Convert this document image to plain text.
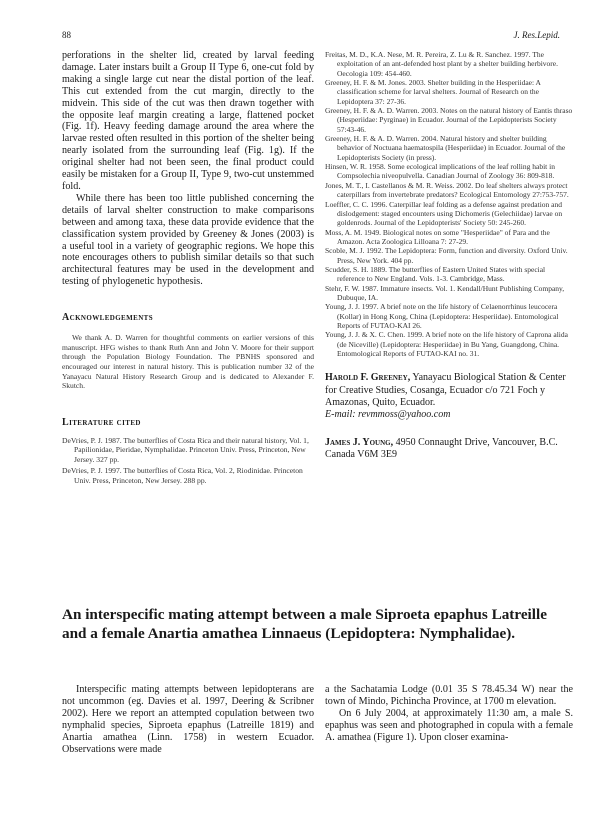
88	J. Res.Lepid.

perforations in the shelter lid, created by larval feeding damage. Later instars built a Group II Type 6, one-cut fold by making a single large cut near the distal portion of the leaf. This cut extended from the cut margin, directly to the midvein. This side of the cut was then drawn together with the opposite leaf margin creating a large, flattened pocket (Fig. 1f). Heavy feeding damage around the area where the larvae rested often resulted in this portion of the shelter being nearly isolated from the surrounding leaf (Fig. 1g). If the original shelter had not been seen, the final product could easily be mistaken for a Group II, Type 9, two-cut unstemmed fold.

While there has been too little published concerning the details of larval shelter construction to make comparisons between and among taxa, these data provide evidence that the classification system provided by Greeney & Jones (2003) is a useful tool in a variety of geographic regions. We hope this note encourages others to publish similar details so that such architectural features may be used in the development and testing of phylogenetic hypothesis.

Acknowledgements

We thank A. D. Warren for thoughtful comments on earlier versions of this manuscript. HFG wishes to thank Ruth Ann and John V. Moore for their support through the Population Biology Foundation. The PBNHS sponsored and encouraged our interest in natural history. This is publication number 32 of the Yanayacu Natural History Research Group and is dedicated to Alexander F. Skutch.

Literature cited
DeVries, P. J. 1987. The butterflies of Costa Rica and their natural history, Vol. 1, Papilionidae, Pieridae, Nymphalidae. Princeton Univ. Press, Princeton, New Jersey. 327 pp.
DeVries, P. J. 1997. The butterflies of Costa Rica, Vol. 2, Riodinidae. Princeton Univ. Press, Princeton, New Jersey. 288 pp.
Freitas, M. D., K.A. Nese, M. R. Pereira, Z. Lu & R. Sanchez. 1997. The exploitation of an ant-defended host plant by a shelter building herbivore. Oecologia 109: 454-460.
Greeney, H. F. & M. Jones. 2003. Shelter building in the Hesperiidae: A classification scheme for larval shelters. Journal of Research on the Lepidoptera 37: 27-36.
Greeney, H. F. & A. D. Warren. 2003. Notes on the natural history of Eantis thraso (Hesperiidae: Pyrginae) in Ecuador. Journal of the Lepidopterists Society 57:43-46.
Greeney, H. F. & A. D. Warren. 2004. Natural history and shelter building behavior of Noctuana haematospila (Hesperiidae) in Ecuador. Journal of the Lepidopterists Society (in press).
Hinsen, W. R. 1958. Some ecological implications of the leaf rolling habit in Compsolechia niveopulvella. Canadian Journal of Zoology 36: 809-818.
Jones, M. T., I. Castellanos & M. R. Weiss. 2002. Do leaf shelters always protect caterpillars from invertebrate predators? Ecological Entomology 27:753-757.
Loeffler, C. C. 1996. Caterpillar leaf folding as a defense against predation and dislodgement: staged encounters using Dichomeris (Gelechiidae) larvae on goldenrods. Journal of the Lepidopterists' Society 50: 245-260.
Moss, A. M. 1949. Biological notes on some "Hesperiidae" of Para and the Amazon. Acta Zoologica Lilloana 7: 27-29.
Scoble, M. J. 1992. The Lepidoptera: Form, function and diversity. Oxford Univ. Press, New York. 404 pp.
Scudder, S. H. 1889. The butterflies of Eastern United States with special reference to New England. Vols. 1-3. Cambridge, Mass.
Stehr, F. W. 1987. Immature insects. Vol. 1. Kendall/Hunt Publishing Company, Dubuque, IA.
Young, J. J. 1997. A brief note on the life history of Celaenorrhinus leucocera (Kollar) in Hong Kong, China (Lepidoptera: Hesperiidae). Entomological Reports of FUTAO-KAI 26.
Young, J. J. & X. C. Chen. 1999. A brief note on the life history of Caprona alida (de Niceville) (Lepidoptera: Hesperiidae) in Bu Yang, Guangdong, China. Entomological Reports of FUTAO-KAI no. 31.

Harold F. Greeney, Yanayacu Biological Station & Center for Creative Studies, Cosanga, Ecuador c/o 721 Foch y Amazonas, Quito, Ecuador.

E-mail: revmmoss@yahoo.com

James J. Young, 4950 Connaught Drive, Vancouver, B.C. Canada V6M 3E9

An interspecific mating attempt between a male Siproeta epaphus Latreille and a female Anartia amathea Linnaeus (Lepidoptera: Nymphalidae).

Interspecific mating attempts between lepidopterans are not uncommon (eg. Davies et al. 1997, Deering & Scribner 2002). Here we report an attempted copulation between two nymphalid species, Siproeta epaphus (Latreille 1819) and Anartia amathea (Linn. 1758) in western Ecuador. Observations were made

a the Sachatamia Lodge (0.01 35 S 78.45.34 W) near the town of Mindo, Pichincha Province, at 1700 m elevation.

On 6 July 2004, at approximately 11:30 am, a male S. epaphus was seen and photographed in copula with a female A. amathea (Figure 1). Upon closer examina-
